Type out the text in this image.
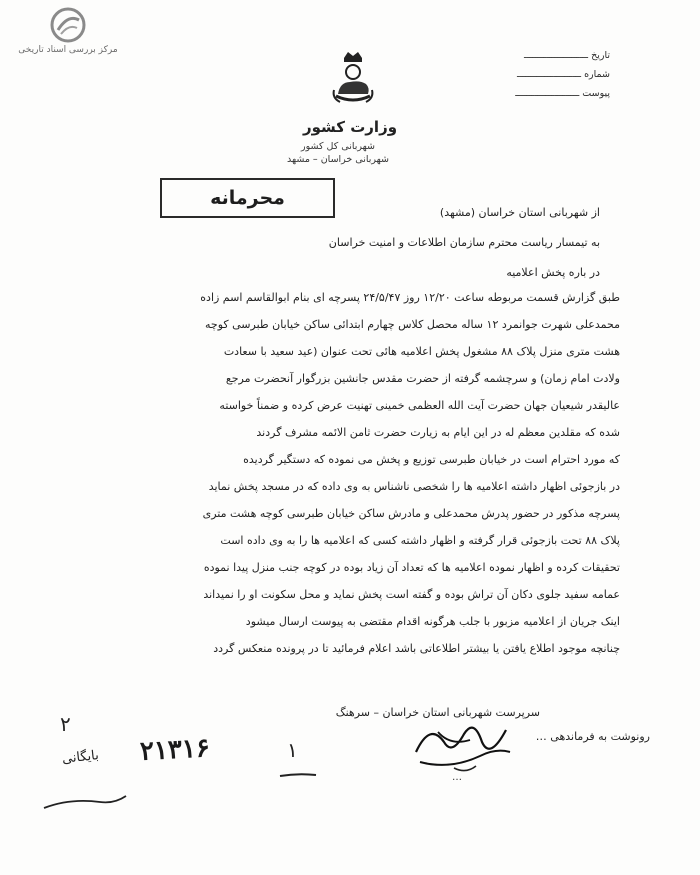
مرکز بررسی اسناد تاریخی	تاریخ ـــــــــــــــــــــــ
شماره ـــــــــــــــــــــــ
پیوست ـــــــــــــــــــــــ
وزارت کشور
شهربانی کل کشور
شهربانی خراسان – مشهد
محرمانه
از شهربانی استان خراسان (مشهد)
به تیمسار ریاست محترم سازمان اطلاعات و امنیت خراسان
در باره پخش اعلامیه

طبق گزارش قسمت مربوطه ساعت ۱۲/۲۰ روز ۲۴/۵/۴۷ پسرچه ای بنام ابوالقاسم اسم زاده

محمدعلی شهرت جوانمرد ۱۲ ساله محصل کلاس چهارم ابتدائی ساکن خیابان طبرسی کوچه

هشت متری منزل پلاک ۸۸ مشغول پخش اعلامیه هائی تحت عنوان (عید سعید با سعادت

ولادت امام زمان) و سرچشمه گرفته از حضرت مقدس جانشین بزرگوار آنحضرت مرجع

عالیقدر شیعیان جهان حضرت آیت الله العظمی خمینی تهنیت عرض کرده و ضمناً خواسته

شده که مقلدین معظم له در این ایام به زیارت حضرت ثامن الائمه مشرف گردند

که مورد احترام است در خیابان طبرسی توزیع و پخش می نموده که دستگیر گردیده

در بازجوئی اظهار داشته اعلامیه ها را شخصی ناشناس به وی داده که در مسجد پخش نماید

پسرچه مذکور در حضور پدرش محمدعلی و مادرش ساکن خیابان طبرسی کوچه هشت متری

پلاک ۸۸ تحت بازجوئی قرار گرفته و اظهار داشته کسی که اعلامیه ها را به وی داده است

تحقیقات کرده و اظهار نموده اعلامیه ها که تعداد آن زیاد بوده در کوچه جنب منزل پیدا نموده

عمامه سفید جلوی دکان آن تراش بوده و گفته است پخش نماید و محل سکونت او را نمیداند

اینک جریان از اعلامیه مزبور با جلب هرگونه اقدام مقتضی به پیوست ارسال میشود

چنانچه موجود اطلاع یافتن یا بیشتر اطلاعاتی باشد اعلام فرمائید تا در پرونده منعکس گردد

سرپرست شهربانی استان خراسان – سرهنگ
رونوشت به فرماندهی …
…
۲۱۳۱۶	۱
۲
بایگانی
